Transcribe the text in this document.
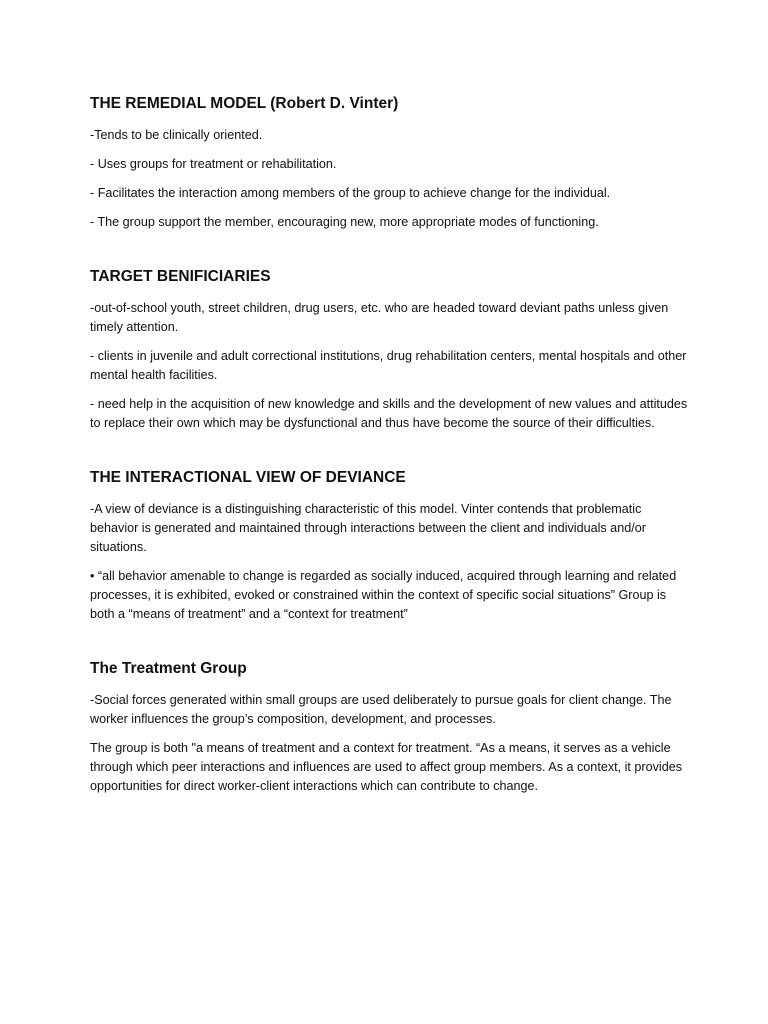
THE REMEDIAL MODEL (Robert D. Vinter)

-Tends to be clinically oriented.

- Uses groups for treatment or rehabilitation.

- Facilitates the interaction among members of the group to achieve change for the individual.

- The group support the member, encouraging new, more appropriate modes of functioning.

TARGET BENIFICIARIES

-out-of-school youth, street children, drug users, etc. who are headed toward deviant paths unless given timely attention.

- clients in juvenile and adult correctional institutions, drug rehabilitation centers, mental hospitals and other mental health facilities.

- need help in the acquisition of new knowledge and skills and the development of new values and attitudes to replace their own which may be dysfunctional and thus have become the source of their difficulties.

THE INTERACTIONAL VIEW OF DEVIANCE

-A view of deviance is a distinguishing characteristic of this model. Vinter contends that problematic behavior is generated and maintained through interactions between the client and individuals and/or situations.

• “all behavior amenable to change is regarded as socially induced, acquired through learning and related processes, it is exhibited, evoked or constrained within the context of specific social situations” Group is both a “means of treatment” and a “context for treatment”

The Treatment Group

-Social forces generated within small groups are used deliberately to pursue goals for client change. The worker influences the group’s composition, development, and processes.

The group is both "a means of treatment and a context for treatment. “As a means, it serves as a vehicle through which peer interactions and influences are used to affect group members. As a context, it provides opportunities for direct worker-client interactions which can contribute to change.
